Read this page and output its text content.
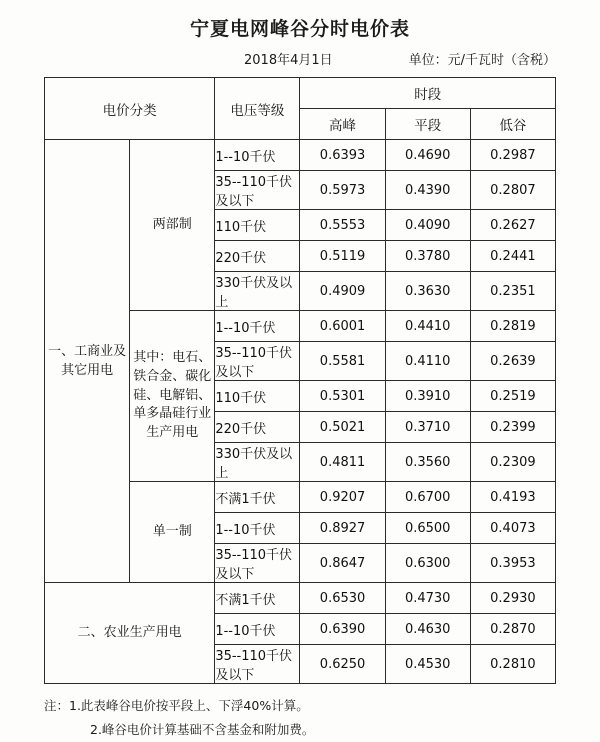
宁夏电网峰谷分时电价表
2018年4月1日	单位：元/千瓦时（含税）
电价分类		电压等级	时段		
			高峰	平段	低谷
一、工商业及其它用电	两部制	1--10千伏	0.6393	0.4690	0.2987
		35--110千伏及以下	0.5973	0.4390	0.2807
		110千伏	0.5553	0.4090	0.2627
		220千伏	0.5119	0.3780	0.2441
		330千伏及以上	0.4909	0.3630	0.2351
	其中：电石、铁合金、碳化硅、电解铝、单多晶硅行业生产用电	1--10千伏	0.6001	0.4410	0.2819
		35--110千伏及以下	0.5581	0.4110	0.2639
		110千伏	0.5301	0.3910	0.2519
		220千伏	0.5021	0.3710	0.2399
		330千伏及以上	0.4811	0.3560	0.2309
	单一制	不满1千伏	0.9207	0.6700	0.4193
		1--10千伏	0.8927	0.6500	0.4073
		35--110千伏及以下	0.8647	0.6300	0.3953
二、农业生产用电		不满1千伏	0.6530	0.4730	0.2930
		1--10千伏	0.6390	0.4630	0.2870
		35--110千伏及以下	0.6250	0.4530	0.2810
注：1.此表峰谷电价按平段上、下浮40%计算。
2.峰谷电价计算基础不含基金和附加费。
